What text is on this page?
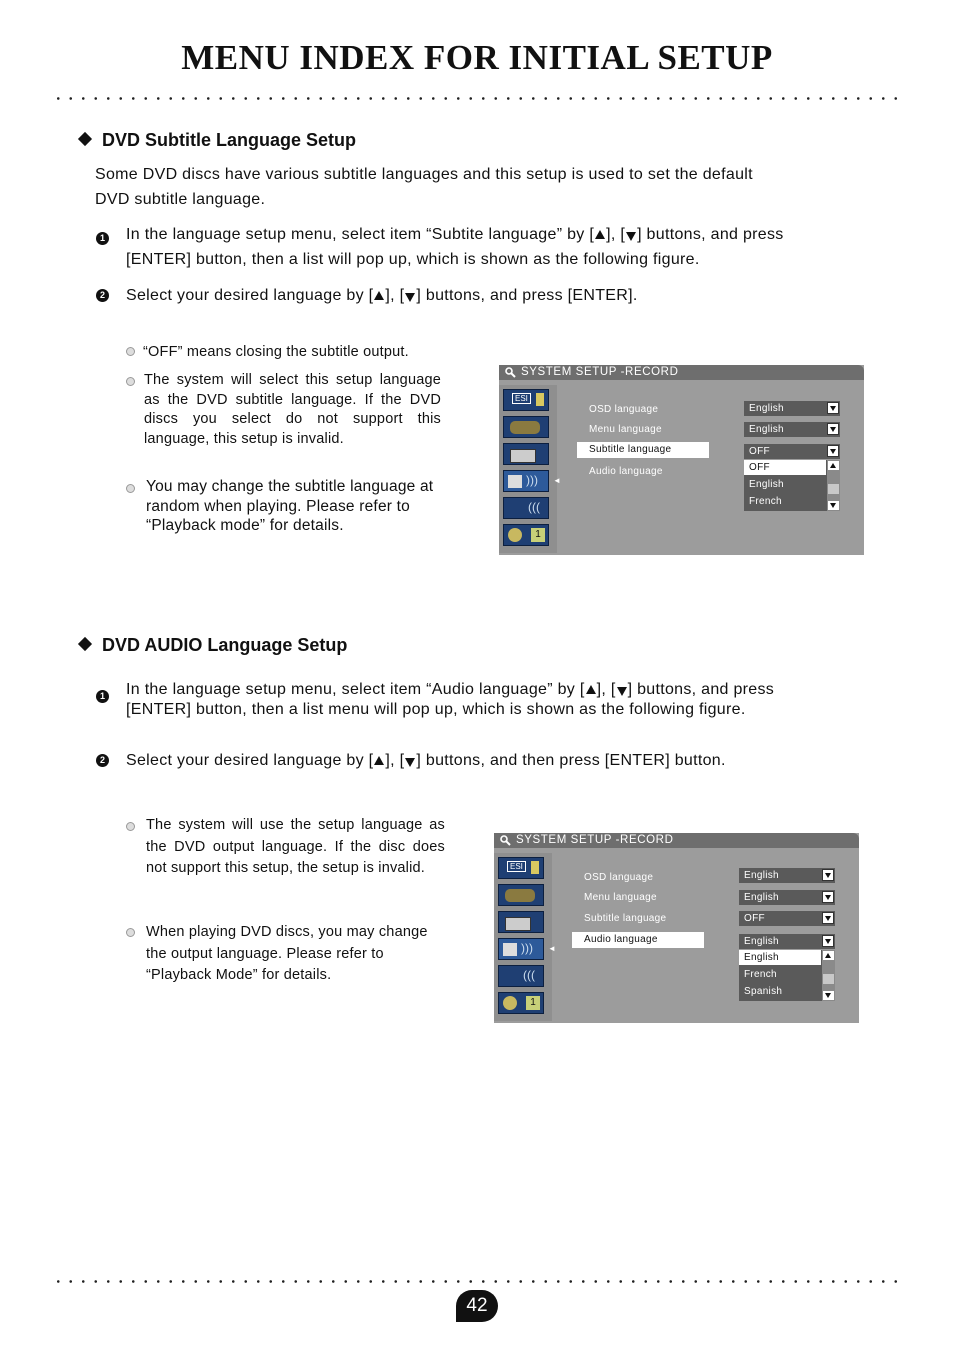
MENU INDEX FOR INITIAL SETUP
DVD Subtitle Language Setup
Some DVD discs have various subtitle languages and this setup is used to set the default
DVD subtitle language.
1 In the language setup menu, select item “Subtite language” by [ ], [ ] buttons, and press
[ENTER] button, then a list will pop up, which is shown as the following figure.
2 Select your desired language by [ ], [ ] buttons, and press [ENTER].
“OFF” means closing the subtitle output.
The system will select this setup language as the DVD subtitle language. If the DVD discs you select do not support this language, this setup is invalid.
You may change the subtitle language at random when playing. Please refer to “Playback mode” for details.
SYSTEM SETUP -RECORD
ESI
)))
(((
1
◄
OSD language
Menu language
Subtitle language
Audio language
English
English
OFF
OFF
English
French
DVD AUDIO Language Setup
1 In the language setup menu, select item “Audio language” by [ ], [ ] buttons, and press
[ENTER] button, then a list menu will pop up, which is shown as the following figure.
2 Select your desired language by [ ], [ ] buttons, and then press [ENTER] button.
The system will use the setup language as the DVD output language. If the disc does not support this setup, the setup is invalid.
When playing DVD discs, you may change the output language. Please refer to “Playback Mode” for details.
SYSTEM SETUP -RECORD
ESI
)))
(((
1
◄
OSD language
Menu language
Subtitle language
Audio language
English
English
OFF
English
English
French
Spanish
42
